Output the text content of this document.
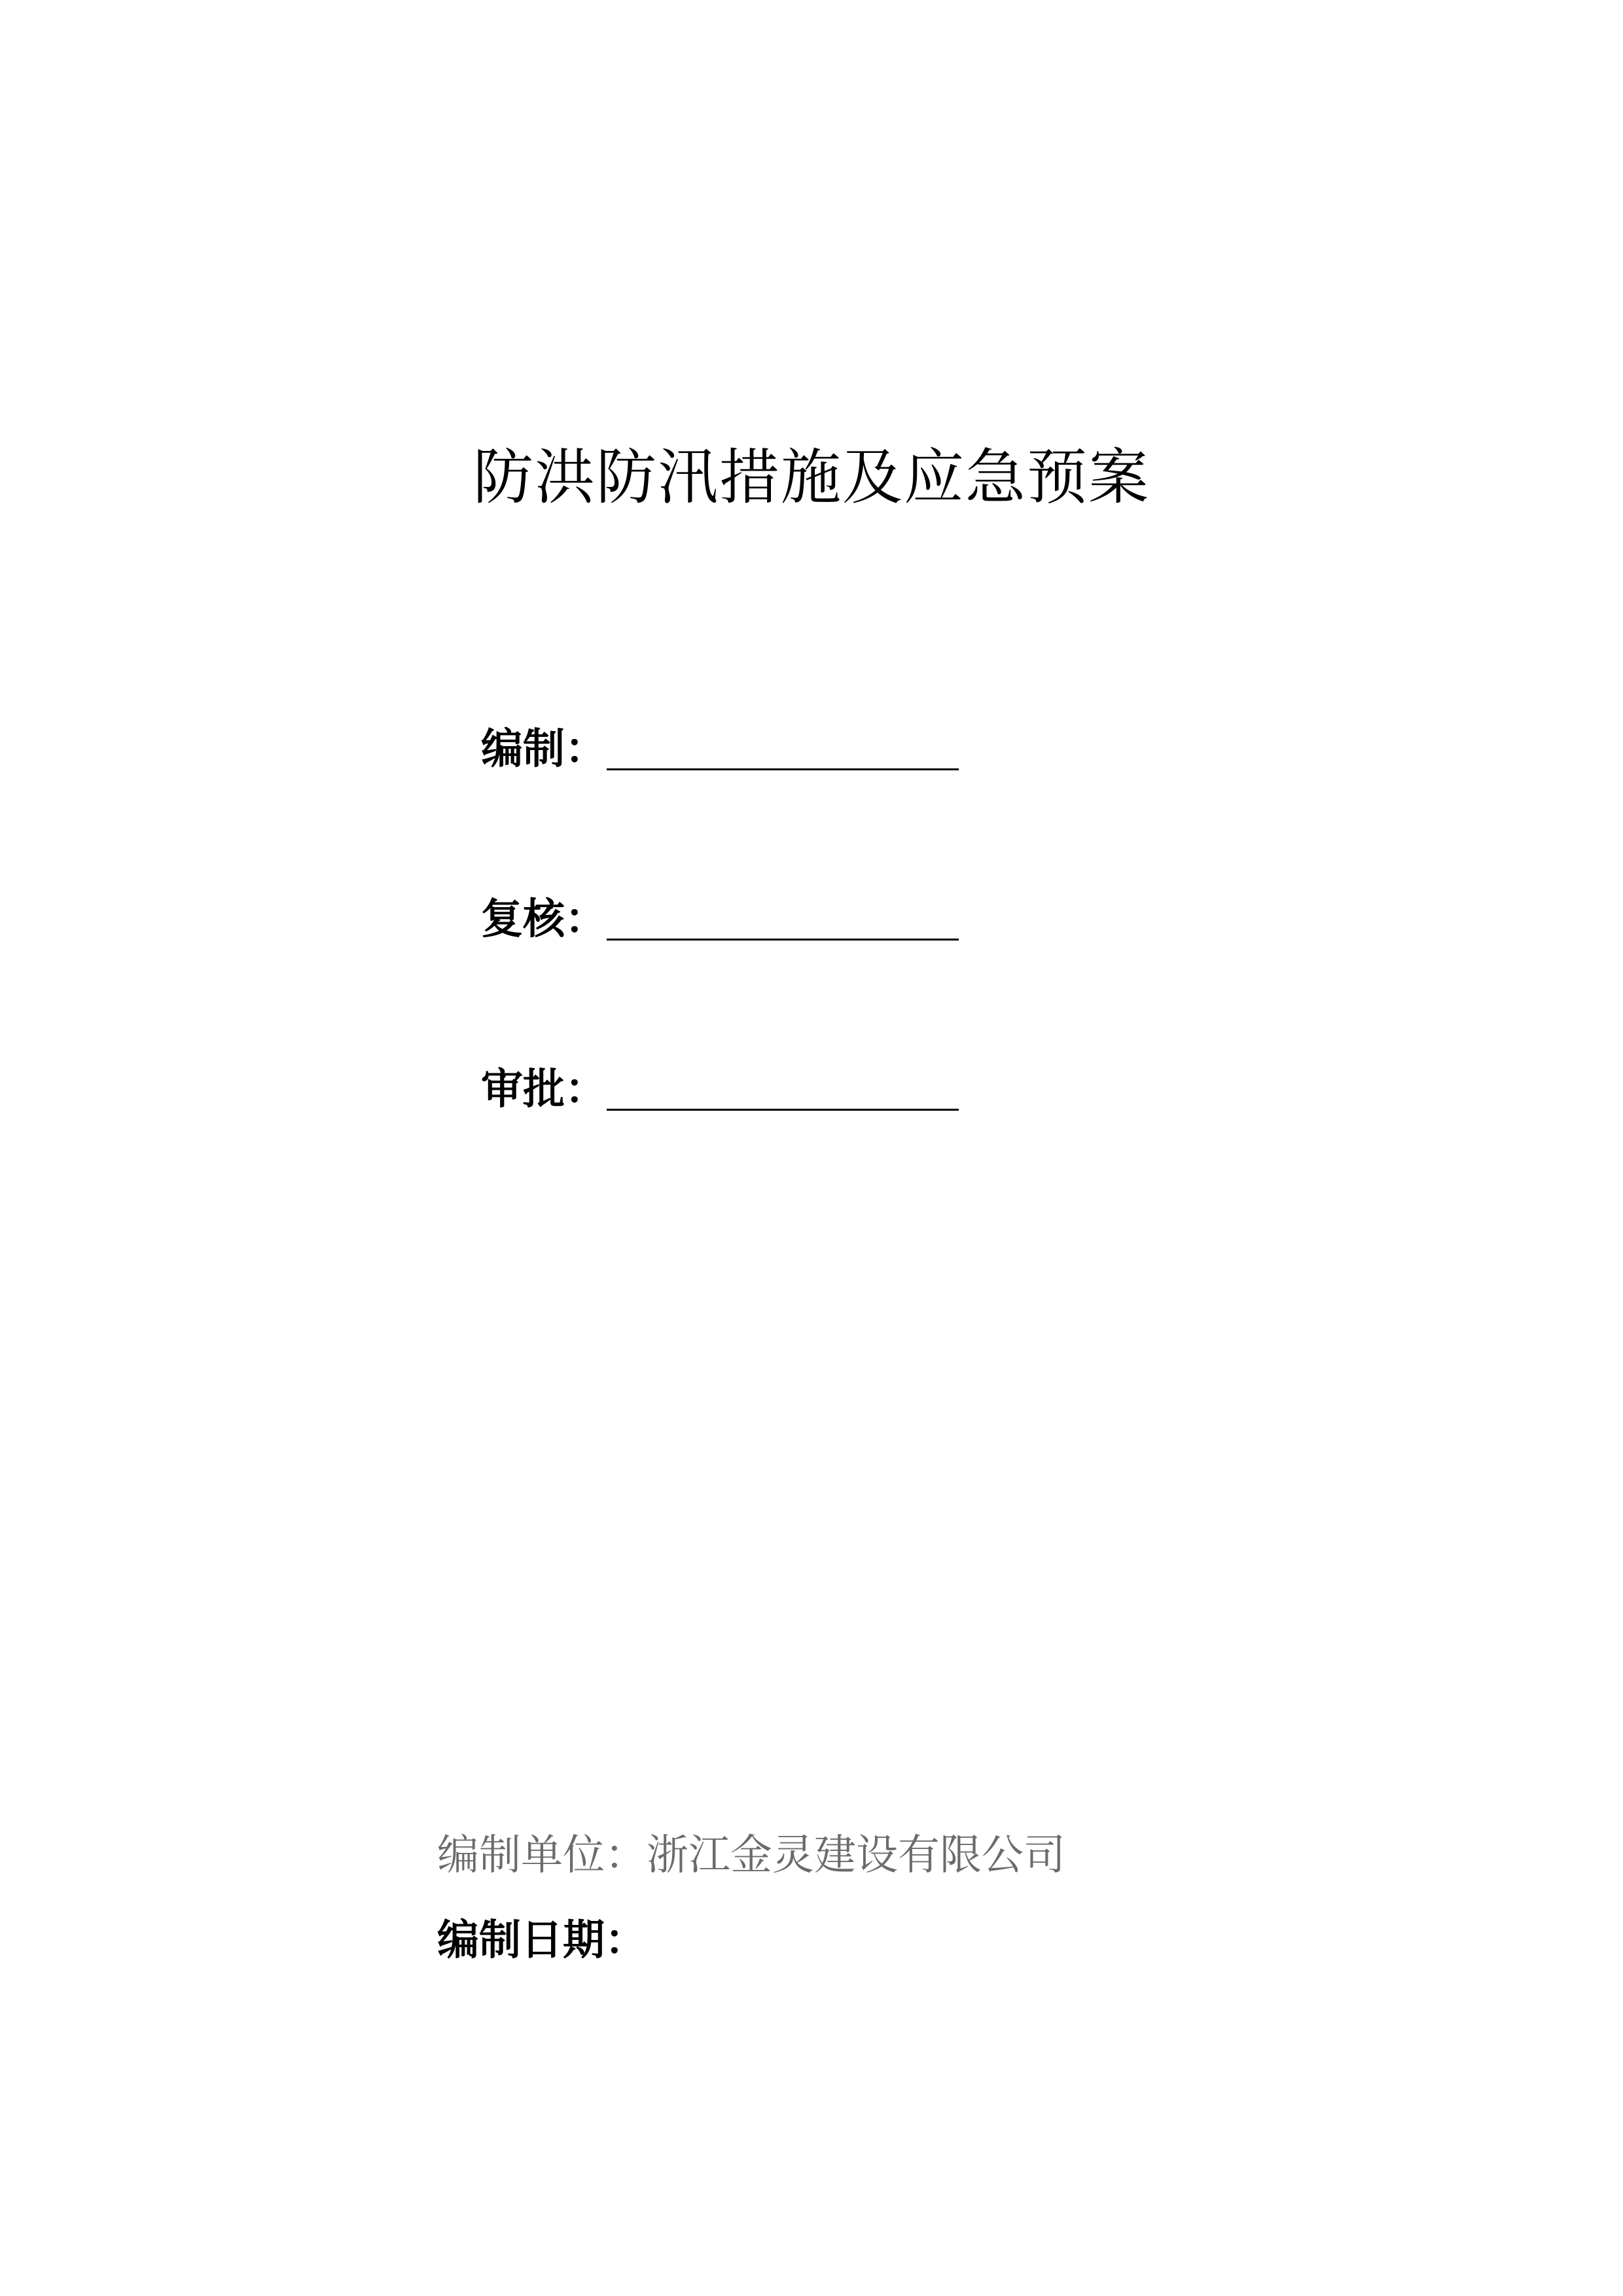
防洪防汛措施及应急预案
编制：
复核：
审批：
编制单位：浙江金灵建设有限公司
编制日期：
